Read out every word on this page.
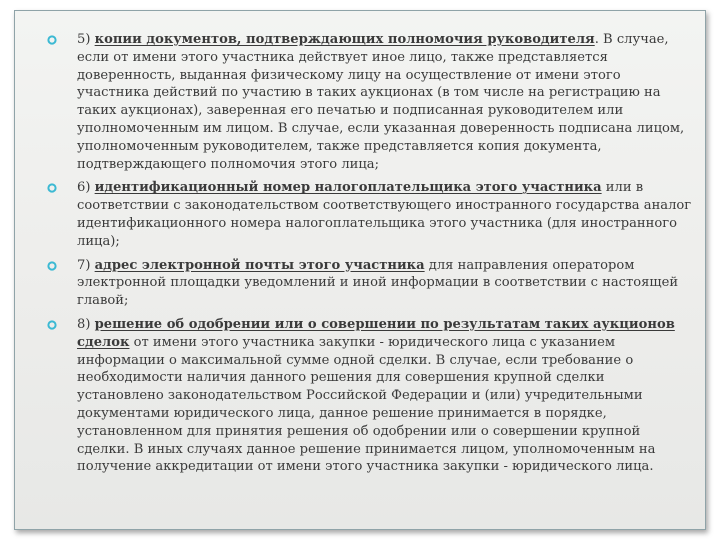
5) копии документов, подтверждающих полномочия руководителя. В случае, если от имени этого участника действует иное лицо, также представляется доверенность, выданная физическому лицу на осуществление от имени этого участника действий по участию в таких аукционах (в том числе на регистрацию на таких аукционах), заверенная его печатью и подписанная руководителем или уполномоченным им лицом. В случае, если указанная доверенность подписана лицом, уполномоченным руководителем, также представляется копия документа, подтверждающего полномочия этого лица;
6) идентификационный номер налогоплательщика этого участника или в соответствии с законодательством соответствующего иностранного государства аналог идентификационного номера налогоплательщика этого участника (для иностранного лица);
7) адрес электронной почты этого участника для направления оператором электронной площадки уведомлений и иной информации в соответствии с настоящей главой;
8) решение об одобрении или о совершении по результатам таких аукционов сделок от имени этого участника закупки - юридического лица с указанием информации о максимальной сумме одной сделки. В случае, если требование о необходимости наличия данного решения для совершения крупной сделки установлено законодательством Российской Федерации и (или) учредительными документами юридического лица, данное решение принимается в порядке, установленном для принятия решения об одобрении или о совершении крупной сделки. В иных случаях данное решение принимается лицом, уполномоченным на получение аккредитации от имени этого участника закупки - юридического лица.
